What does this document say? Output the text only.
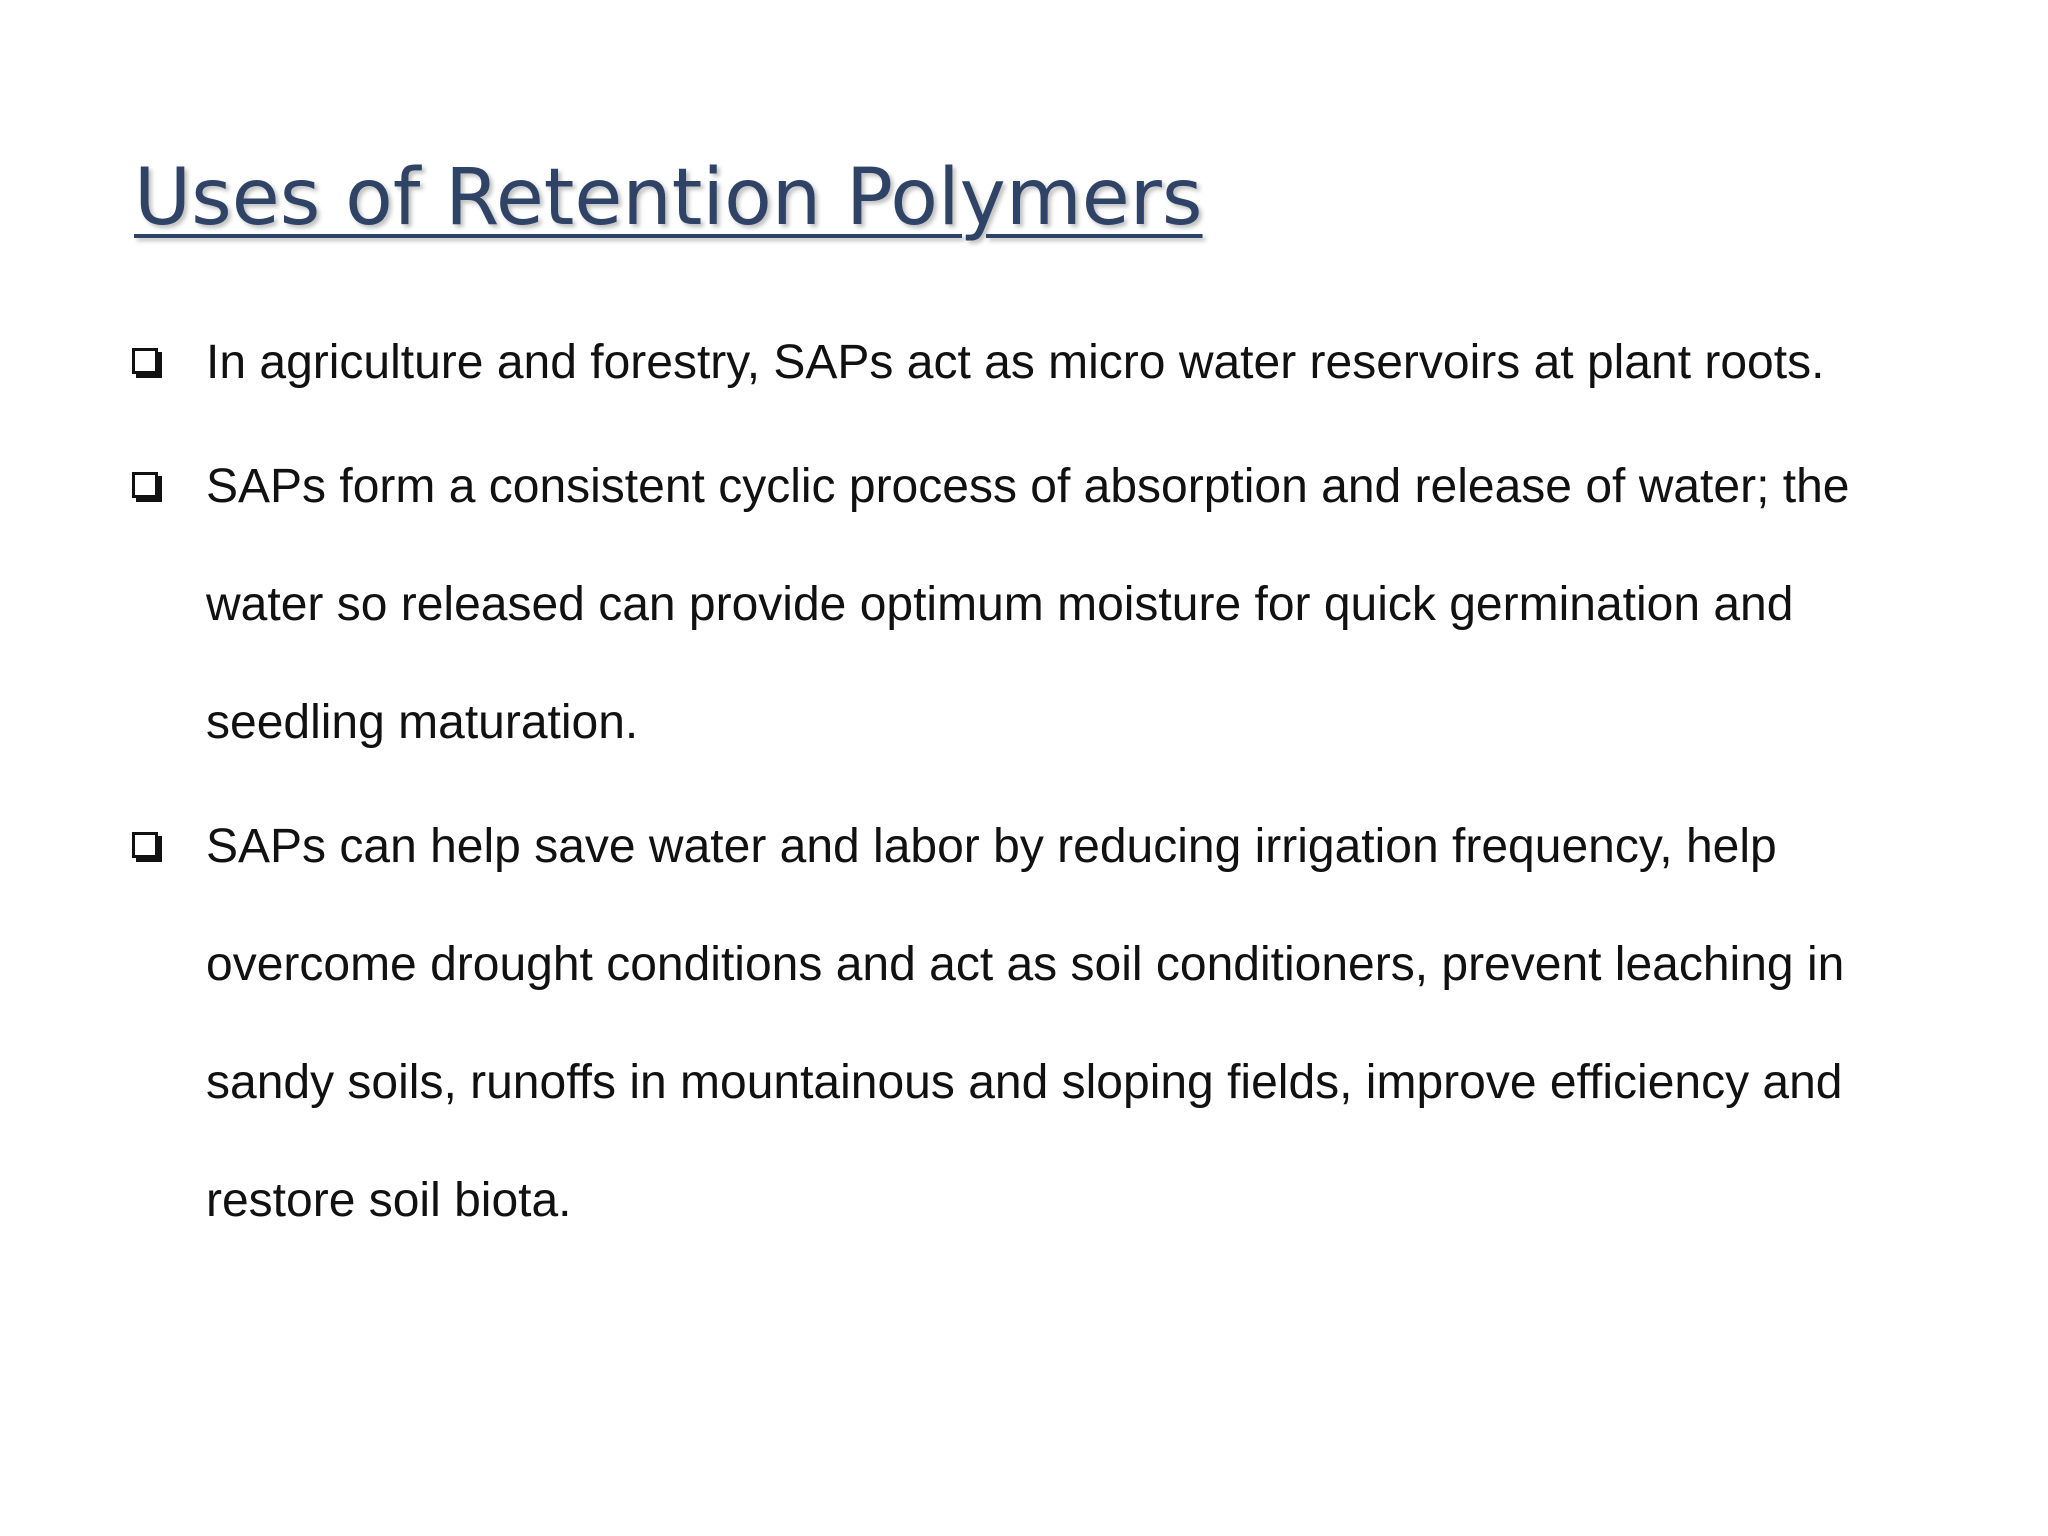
Uses of Retention Polymers
In agriculture and forestry, SAPs act as micro water reservoirs at plant roots.
SAPs form a consistent cyclic process of absorption and release of water; the water so released can provide optimum moisture for quick germination and seedling maturation.
SAPs can help save water and labor by reducing irrigation frequency, help overcome drought conditions and act as soil conditioners, prevent leaching in sandy soils, runoffs in mountainous and sloping fields, improve efficiency and restore soil biota.
